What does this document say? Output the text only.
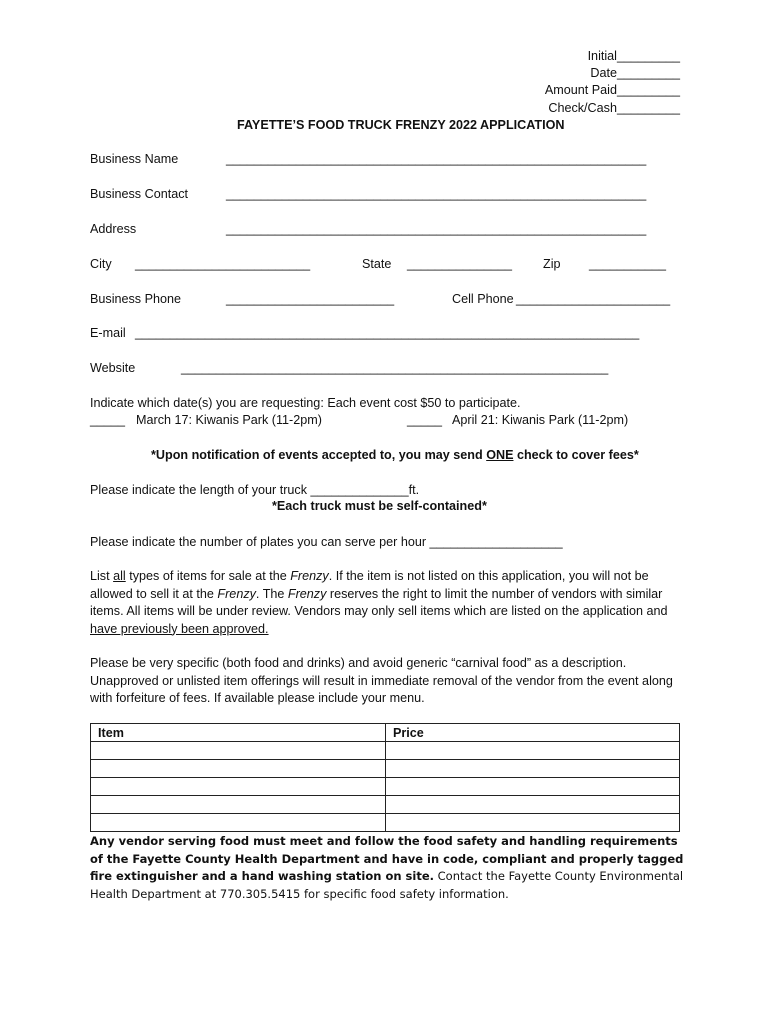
Initial_________
Date_________
Amount Paid_________
Check/Cash_________
FAYETTE’S FOOD TRUCK FRENZY 2022 APPLICATION
Business Name	____________________________________________________________
Business Contact	____________________________________________________________
Address	____________________________________________________________
City _________________________	State _______________ Zip ___________
Business Phone	________________________	Cell Phone ______________________
E-mail ________________________________________________________________________
Website	_____________________________________________________________
Indicate which date(s) you are requesting: Each event cost $50 to participate.
_____ March 17: Kiwanis Park (11-2pm)	_____ April 21: Kiwanis Park (11-2pm)
*Upon notification of events accepted to, you may send ONE check to cover fees*
Please indicate the length of your truck ______________ft.
*Each truck must be self-contained*
Please indicate the number of plates you can serve per hour ___________________

List all types of items for sale at the Frenzy. If the item is not listed on this application, you will not be allowed to sell it at the Frenzy. The Frenzy reserves the right to limit the number of vendors with similar items. All items will be under review. Vendors may only sell items which are listed on the application and have previously been approved.

Please be very specific (both food and drinks) and avoid generic “carnival food” as a description. Unapproved or unlisted item offerings will result in immediate removal of the vendor from the event along with forfeiture of fees. If available please include your menu.
Item	Price

Any vendor serving food must meet and follow the food safety and handling requirements of the Fayette County Health Department and have in code, compliant and properly tagged fire extinguisher and a hand washing station on site. Contact the Fayette County Environmental Health Department at 770.305.5415 for specific food safety information.
